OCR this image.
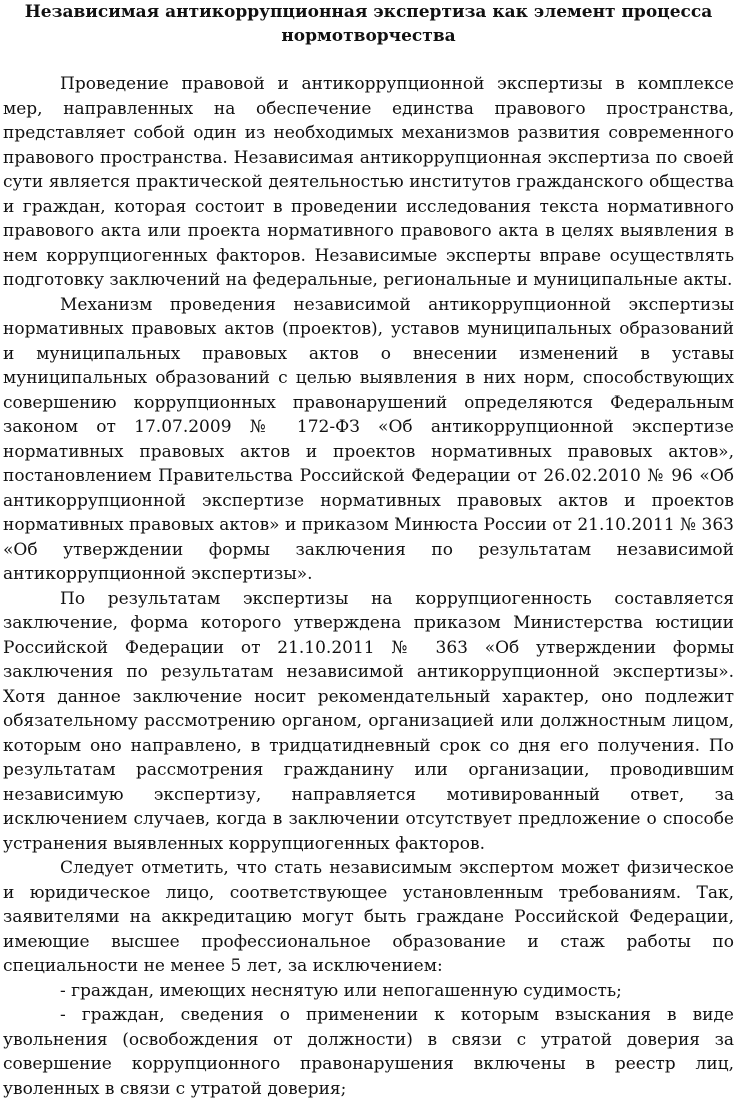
Независимая антикоррупционная экспертиза как элемент процесса
нормотворчества

Проведение правовой и антикоррупционной экспертизы в комплексе мер, направленных на обеспечение единства правового пространства, представляет собой один из необходимых механизмов развития современного правового пространства. Независимая антикоррупционная экспертиза по своей сути является практической деятельностью институтов гражданского общества и граждан, которая состоит в проведении исследования текста нормативного правового акта или проекта нормативного правового акта в целях выявления в нем коррупциогенных факторов. Независимые эксперты вправе осуществлять подготовку заключений на федеральные, региональные и муниципальные акты.

Механизм проведения независимой антикоррупционной экспертизы нормативных правовых актов (проектов), уставов муниципальных образований и муниципальных правовых актов о внесении изменений в уставы муниципальных образований с целью выявления в них норм, способствующих совершению коррупционных правонарушений определяются Федеральным законом от 17.07.2009 № 172-ФЗ «Об антикоррупционной экспертизе нормативных правовых актов и проектов нормативных правовых актов», постановлением Правительства Российской Федерации от 26.02.2010 № 96 «Об антикоррупционной экспертизе нормативных правовых актов и проектов нормативных правовых актов» и приказом Минюста России от 21.10.2011 № 363 «Об утверждении формы заключения по результатам независимой антикоррупционной экспертизы».

По результатам экспертизы на коррупциогенность составляется заключение, форма которого утверждена приказом Министерства юстиции Российской Федерации от 21.10.2011 № 363 «Об утверждении формы заключения по результатам независимой антикоррупционной экспертизы». Хотя данное заключение носит рекомендательный характер, оно подлежит обязательному рассмотрению органом, организацией или должностным лицом, которым оно направлено, в тридцатидневный срок со дня его получения. По результатам рассмотрения гражданину или организации, проводившим независимую экспертизу, направляется мотивированный ответ, за исключением случаев, когда в заключении отсутствует предложение о способе устранения выявленных коррупциогенных факторов.

Следует отметить, что стать независимым экспертом может физическое и юридическое лицо, соответствующее установленным требованиям. Так, заявителями на аккредитацию могут быть граждане Российской Федерации, имеющие высшее профессиональное образование и стаж работы по специальности не менее 5 лет, за исключением:

- граждан, имеющих неснятую или непогашенную судимость;

- граждан, сведения о применении к которым взыскания в виде увольнения (освобождения от должности) в связи с утратой доверия за совершение коррупционного правонарушения включены в реестр лиц, уволенных в связи с утратой доверия;
